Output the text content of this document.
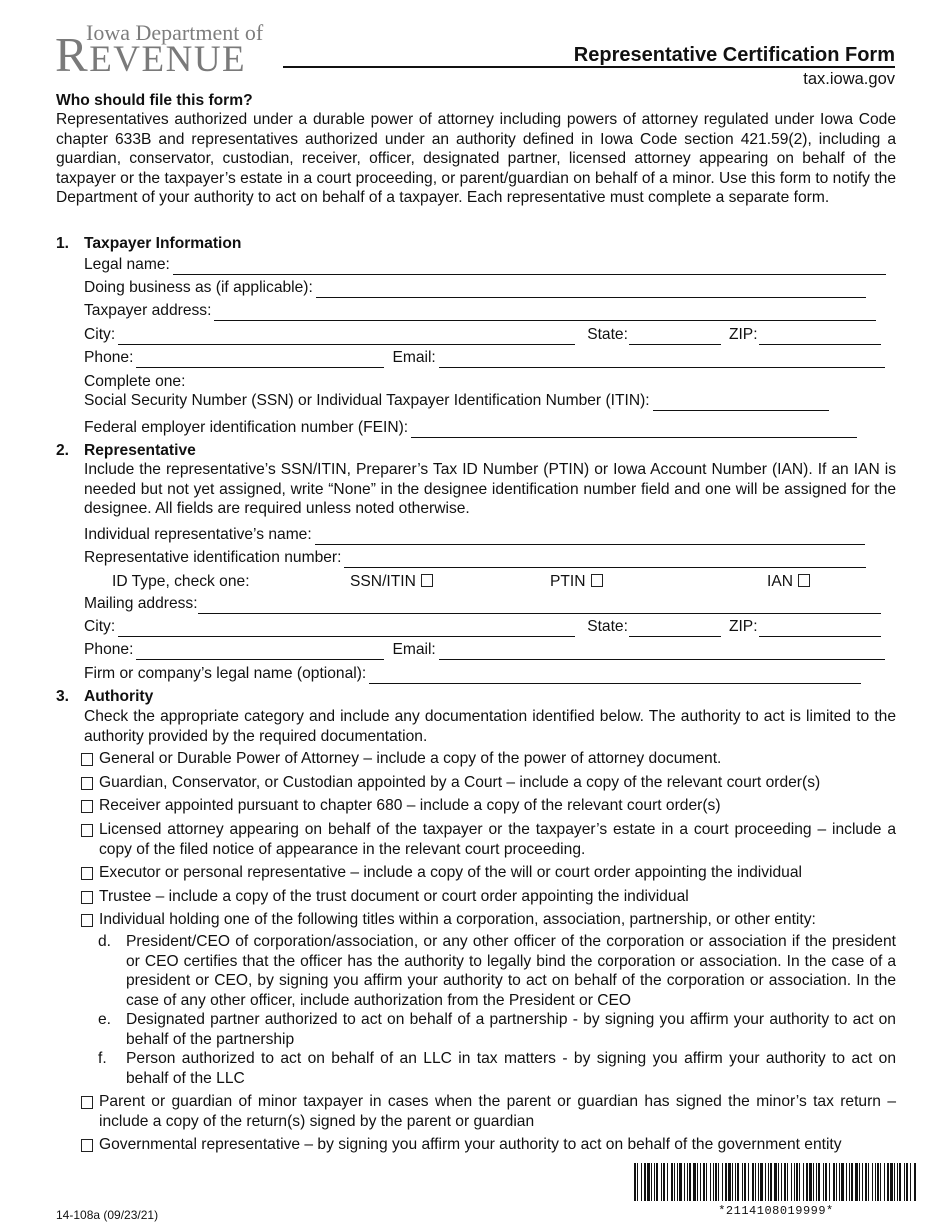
Iowa Department of
REVENUE	Representative Certification Form
tax.iowa.gov
Who should file this form?
Representatives authorized under a durable power of attorney including powers of attorney regulated under Iowa Code chapter 633B and representatives authorized under an authority defined in Iowa Code section 421.59(2), including a guardian, conservator, custodian, receiver, officer, designated partner, licensed attorney appearing on behalf of the taxpayer or the taxpayer’s estate in a court proceeding, or parent/guardian on behalf of a minor. Use this form to notify the Department of your authority to act on behalf of a taxpayer. Each representative must complete a separate form.
1. Taxpayer Information
Legal name:
Doing business as (if applicable):
Taxpayer address:
City:	State:	ZIP:
Phone:	Email:
Complete one:
Social Security Number (SSN) or Individual Taxpayer Identification Number (ITIN):
Federal employer identification number (FEIN):
2. Representative
Include the representative’s SSN/ITIN, Preparer’s Tax ID Number (PTIN) or Iowa Account Number (IAN). If an IAN is needed but not yet assigned, write “None” in the designee identification number field and one will be assigned for the designee. All fields are required unless noted otherwise.
Individual representative’s name:
Representative identification number:
ID Type, check one:	SSN/ITIN	PTIN	IAN
Mailing address:
City:	State:	ZIP:
Phone:	Email:
Firm or company’s legal name (optional):
3. Authority
Check the appropriate category and include any documentation identified below. The authority to act is limited to the authority provided by the required documentation.
General or Durable Power of Attorney – include a copy of the power of attorney document.
Guardian, Conservator, or Custodian appointed by a Court – include a copy of the relevant court order(s)
Receiver appointed pursuant to chapter 680 – include a copy of the relevant court order(s)
Licensed attorney appearing on behalf of the taxpayer or the taxpayer’s estate in a court proceeding – include a copy of the filed notice of appearance in the relevant court proceeding.
Executor or personal representative – include a copy of the will or court order appointing the individual
Trustee – include a copy of the trust document or court order appointing the individual
Individual holding one of the following titles within a corporation, association, partnership, or other entity:
d. President/CEO of corporation/association, or any other officer of the corporation or association if the president or CEO certifies that the officer has the authority to legally bind the corporation or association. In the case of a president or CEO, by signing you affirm your authority to act on behalf of the corporation or association. In the case of any other officer, include authorization from the President or CEO
e. Designated partner authorized to act on behalf of a partnership - by signing you affirm your authority to act on behalf of the partnership
f. Person authorized to act on behalf of an LLC in tax matters - by signing you affirm your authority to act on behalf of the LLC
Parent or guardian of minor taxpayer in cases when the parent or guardian has signed the minor’s tax return – include a copy of the return(s) signed by the parent or guardian
Governmental representative – by signing you affirm your authority to act on behalf of the government entity
14-108a (09/23/21)	*2114108019999*
